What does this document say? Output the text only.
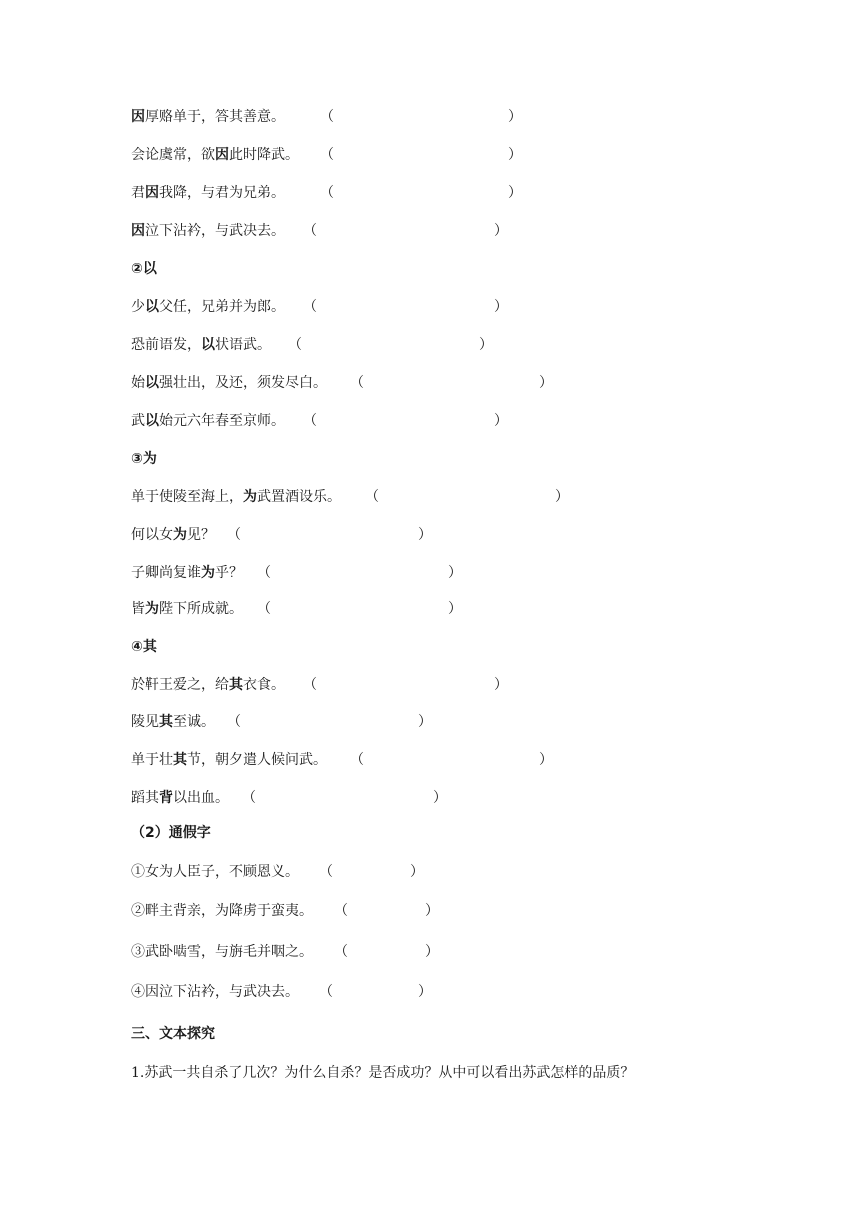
因厚赂单于，答其善意。	（	）
会论虞常，欲因此时降武。 （	）
君因我降，与君为兄弟。	（	）
因泣下沾衿，与武决去。 （	）
②以
少以父任，兄弟并为郎。 （	）
恐前语发，以状语武。 （	）
始以强壮出，及还，须发尽白。 （	）
武以始元六年春至京师。 （	）
③为
单于使陵至海上，为武置酒设乐。 （	）
何以女为见？ （	）
子卿尚复谁为乎？ （	）
皆为陛下所成就。 （	）
④其
於靬王爱之，给其衣食。 （	）
陵见其至诚。 （	）
单于壮其节，朝夕遣人候问武。 （	）
蹈其背以出血。 （	）
（2）通假字
①女为人臣子，不顾恩义。 （	）
②畔主背亲，为降虏于蛮夷。 （	）
③武卧啮雪，与旃毛并咽之。 （	）
④因泣下沾衿，与武决去。 （	）
三、文本探究
1.苏武一共自杀了几次？为什么自杀？是否成功？从中可以看出苏武怎样的品质？
